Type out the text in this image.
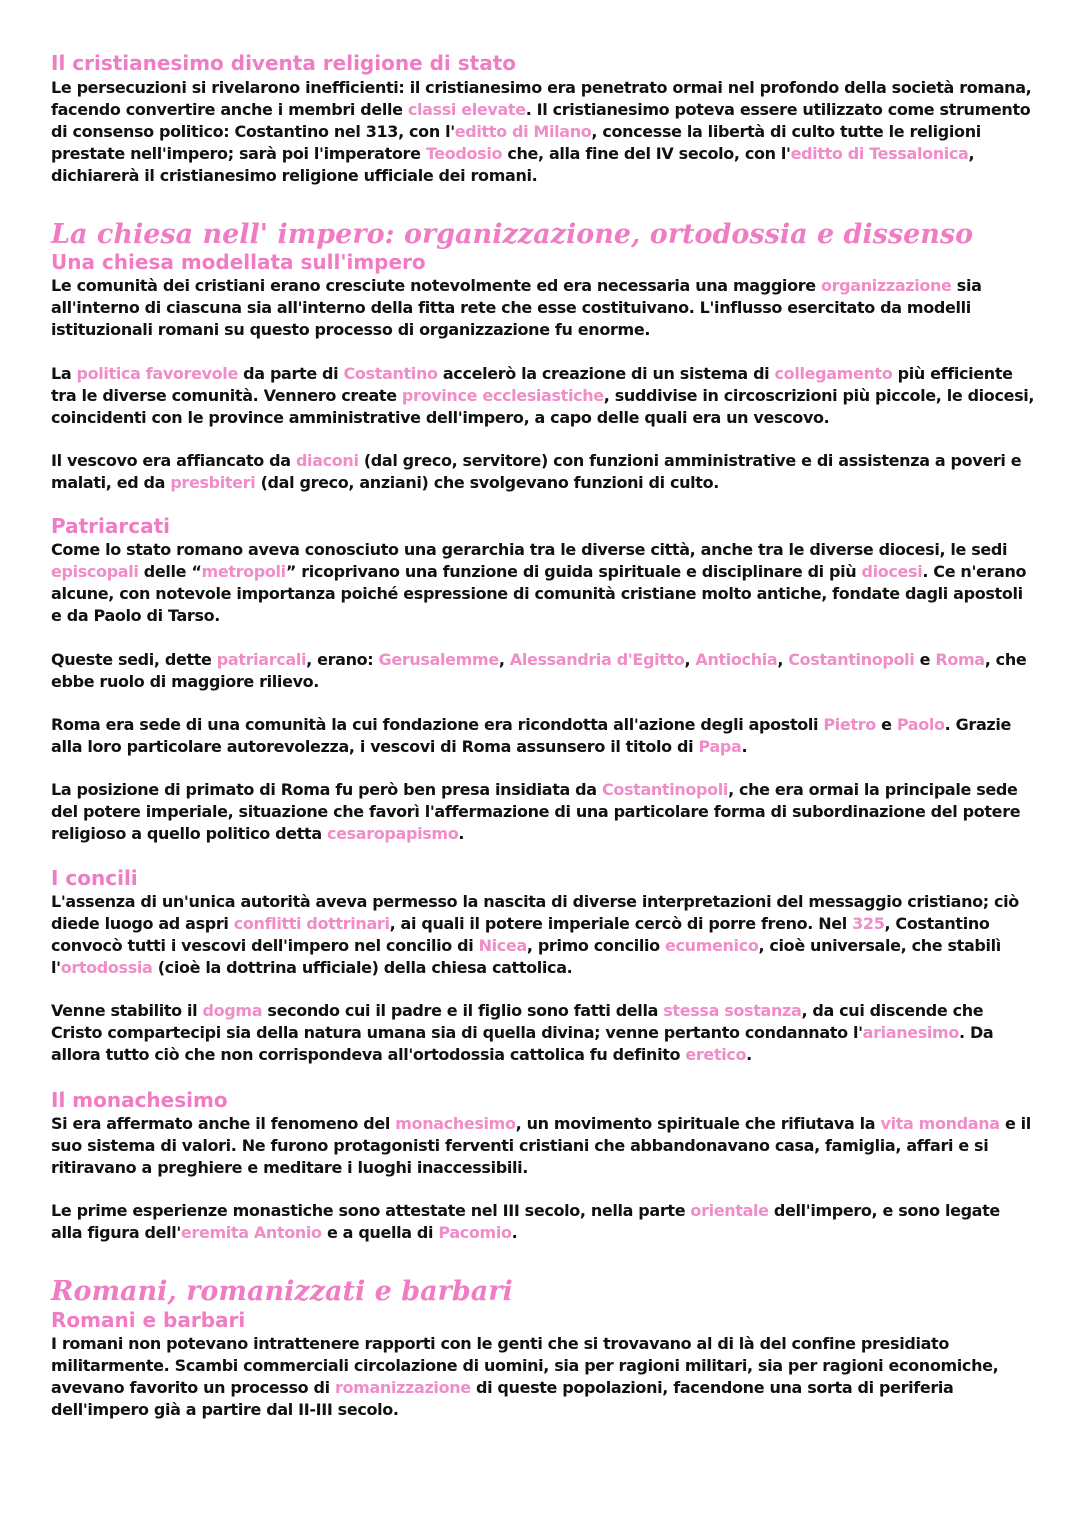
Il cristianesimo diventa religione di stato
Le persecuzioni si rivelarono inefficienti: il cristianesimo era penetrato ormai nel profondo della società romana, facendo convertire anche i membri delle classi elevate. Il cristianesimo poteva essere utilizzato come strumento di consenso politico: Costantino nel 313, con l'editto di Milano, concesse la libertà di culto tutte le religioni prestate nell'impero; sarà poi l'imperatore Teodosio che, alla fine del IV secolo, con l'editto di Tessalonica, dichiarerà il cristianesimo religione ufficiale dei romani.
La chiesa nell' impero: organizzazione, ortodossia e dissenso
Una chiesa modellata sull'impero
Le comunità dei cristiani erano cresciute notevolmente ed era necessaria una maggiore organizzazione sia all'interno di ciascuna sia all'interno della fitta rete che esse costituivano. L'influsso esercitato da modelli istituzionali romani su questo processo di organizzazione fu enorme.
La politica favorevole da parte di Costantino accelerò la creazione di un sistema di collegamento più efficiente tra le diverse comunità. Vennero create province ecclesiastiche, suddivise in circoscrizioni più piccole, le diocesi, coincidenti con le province amministrative dell'impero, a capo delle quali era un vescovo.
Il vescovo era affiancato da diaconi (dal greco, servitore) con funzioni amministrative e di assistenza a poveri e malati, ed da presbiteri (dal greco, anziani) che svolgevano funzioni di culto.
Patriarcati
Come lo stato romano aveva conosciuto una gerarchia tra le diverse città, anche tra le diverse diocesi, le sedi episcopali delle “metropoli” ricoprivano una funzione di guida spirituale e disciplinare di più diocesi. Ce n'erano alcune, con notevole importanza poiché espressione di comunità cristiane molto antiche, fondate dagli apostoli e da Paolo di Tarso.
Queste sedi, dette patriarcali, erano: Gerusalemme, Alessandria d'Egitto, Antiochia, Costantinopoli e Roma, che ebbe ruolo di maggiore rilievo.
Roma era sede di una comunità la cui fondazione era ricondotta all'azione degli apostoli Pietro e Paolo. Grazie alla loro particolare autorevolezza, i vescovi di Roma assunsero il titolo di Papa.
La posizione di primato di Roma fu però ben presa insidiata da Costantinopoli, che era ormai la principale sede del potere imperiale, situazione che favorì l'affermazione di una particolare forma di subordinazione del potere religioso a quello politico detta cesaropapismo.
I concili
L'assenza di un'unica autorità aveva permesso la nascita di diverse interpretazioni del messaggio cristiano; ciò diede luogo ad aspri conflitti dottrinari, ai quali il potere imperiale cercò di porre freno. Nel 325, Costantino convocò tutti i vescovi dell'impero nel concilio di Nicea, primo concilio ecumenico, cioè universale, che stabilì l'ortodossia (cioè la dottrina ufficiale) della chiesa cattolica.
Venne stabilito il dogma secondo cui il padre e il figlio sono fatti della stessa sostanza, da cui discende che Cristo compartecipi sia della natura umana sia di quella divina; venne pertanto condannato l'arianesimo. Da allora tutto ciò che non corrispondeva all'ortodossia cattolica fu definito eretico.
Il monachesimo
Si era affermato anche il fenomeno del monachesimo, un movimento spirituale che rifiutava la vita mondana e il suo sistema di valori. Ne furono protagonisti ferventi cristiani che abbandonavano casa, famiglia, affari e si ritiravano a preghiere e meditare i luoghi inaccessibili.
Le prime esperienze monastiche sono attestate nel III secolo, nella parte orientale dell'impero, e sono legate alla figura dell'eremita Antonio e a quella di Pacomio.
Romani, romanizzati e barbari
Romani e barbari
I romani non potevano intrattenere rapporti con le genti che si trovavano al di là del confine presidiato militarmente. Scambi commerciali circolazione di uomini, sia per ragioni militari, sia per ragioni economiche, avevano favorito un processo di romanizzazione di queste popolazioni, facendone una sorta di periferia dell'impero già a partire dal II-III secolo.
